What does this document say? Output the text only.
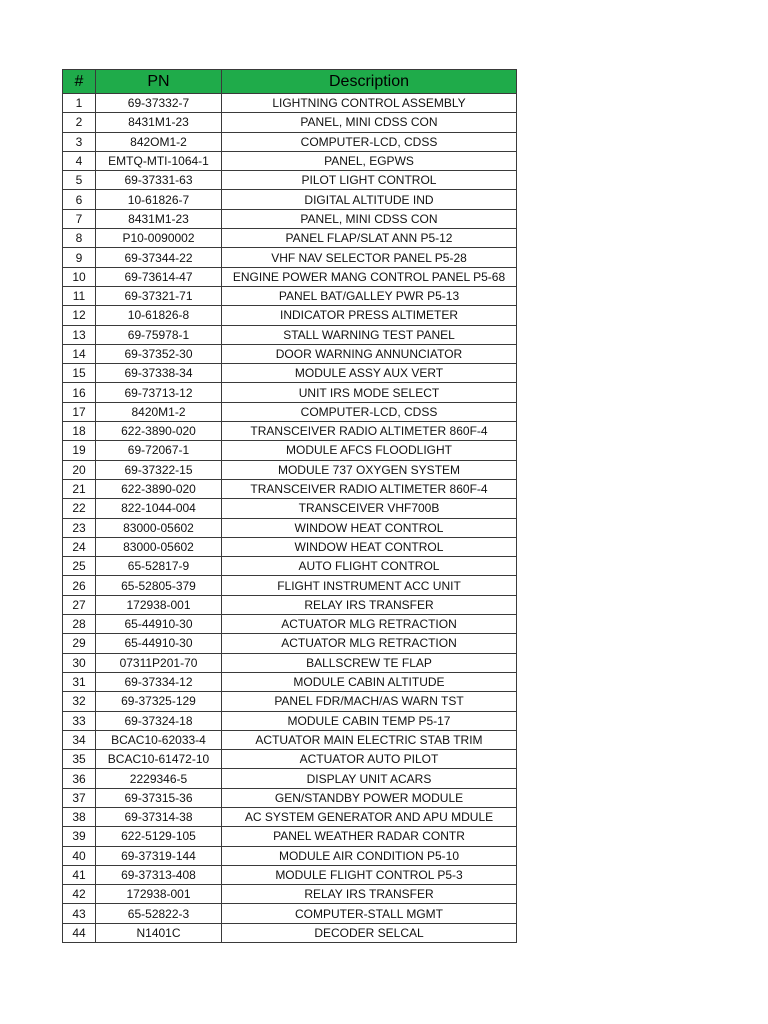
#	PN	Description
1	69-37332-7	LIGHTNING CONTROL ASSEMBLY
2	8431M1-23	PANEL, MINI CDSS CON
3	842OM1-2	COMPUTER-LCD, CDSS
4	EMTQ-MTI-1064-1	PANEL, EGPWS
5	69-37331-63	PILOT LIGHT CONTROL
6	10-61826-7	DIGITAL ALTITUDE IND
7	8431M1-23	PANEL, MINI CDSS CON
8	P10-0090002	PANEL FLAP/SLAT ANN P5-12
9	69-37344-22	VHF NAV SELECTOR PANEL P5-28
10	69-73614-47	ENGINE POWER MANG CONTROL PANEL P5-68
11	69-37321-71	PANEL BAT/GALLEY PWR P5-13
12	10-61826-8	INDICATOR PRESS ALTIMETER
13	69-75978-1	STALL WARNING TEST PANEL
14	69-37352-30	DOOR WARNING ANNUNCIATOR
15	69-37338-34	MODULE ASSY AUX VERT
16	69-73713-12	UNIT IRS MODE SELECT
17	8420M1-2	COMPUTER-LCD, CDSS
18	622-3890-020	TRANSCEIVER RADIO ALTIMETER 860F-4
19	69-72067-1	MODULE AFCS FLOODLIGHT
20	69-37322-15	MODULE 737 OXYGEN SYSTEM
21	622-3890-020	TRANSCEIVER RADIO ALTIMETER 860F-4
22	822-1044-004	TRANSCEIVER VHF700B
23	83000-05602	WINDOW HEAT CONTROL
24	83000-05602	WINDOW HEAT CONTROL
25	65-52817-9	AUTO FLIGHT CONTROL
26	65-52805-379	FLIGHT INSTRUMENT ACC UNIT
27	172938-001	RELAY IRS TRANSFER
28	65-44910-30	ACTUATOR MLG RETRACTION
29	65-44910-30	ACTUATOR MLG RETRACTION
30	07311P201-70	BALLSCREW TE FLAP
31	69-37334-12	MODULE CABIN ALTITUDE
32	69-37325-129	PANEL FDR/MACH/AS WARN TST
33	69-37324-18	MODULE CABIN TEMP P5-17
34	BCAC10-62033-4	ACTUATOR MAIN ELECTRIC STAB TRIM
35	BCAC10-61472-10	ACTUATOR AUTO PILOT
36	2229346-5	DISPLAY UNIT ACARS
37	69-37315-36	GEN/STANDBY POWER MODULE
38	69-37314-38	AC SYSTEM GENERATOR AND APU MDULE
39	622-5129-105	PANEL WEATHER RADAR CONTR
40	69-37319-144	MODULE AIR CONDITION P5-10
41	69-37313-408	MODULE FLIGHT CONTROL P5-3
42	172938-001	RELAY IRS TRANSFER
43	65-52822-3	COMPUTER-STALL MGMT
44	N1401C	DECODER SELCAL
